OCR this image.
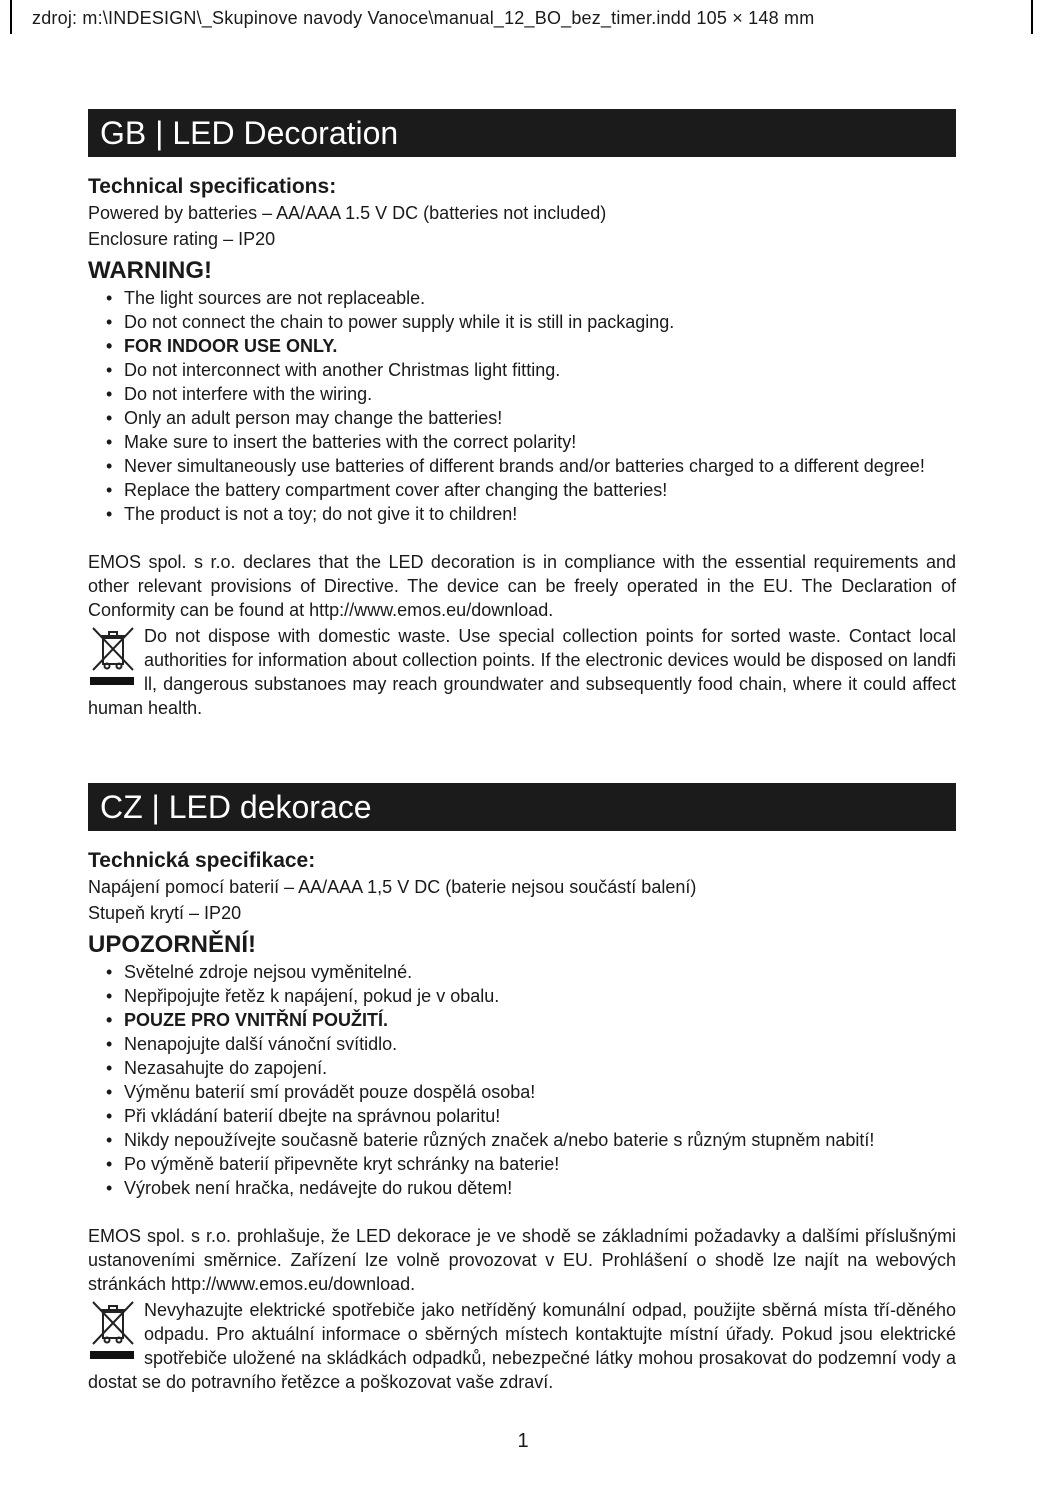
zdroj: m:\INDESIGN\_Skupinove navody Vanoce\manual_12_BO_bez_timer.indd 105 × 148 mm
GB | LED Decoration
Technical specifications:
Powered by batteries – AA/AAA 1.5 V DC (batteries not included)
Enclosure rating – IP20
WARNING!
• The light sources are not replaceable.
• Do not connect the chain to power supply while it is still in packaging.
• FOR INDOOR USE ONLY.
• Do not interconnect with another Christmas light fitting.
• Do not interfere with the wiring.
• Only an adult person may change the batteries!
• Make sure to insert the batteries with the correct polarity!
• Never simultaneously use batteries of different brands and/or batteries charged to a different degree!
• Replace the battery compartment cover after changing the batteries!
• The product is not a toy; do not give it to children!
EMOS spol. s r.o. declares that the LED decoration is in compliance with the essential requirements and other relevant provisions of Directive. The device can be freely operated in the EU. The Declaration of Conformity can be found at http://www.emos.eu/download.
Do not dispose with domestic waste. Use special collection points for sorted waste. Contact local authorities for information about collection points. If the electronic devices would be disposed on landfi ll, dangerous substanoes may reach groundwater and subsequently food chain, where it could affect human health.
CZ | LED dekorace
Technická specifikace:
Napájení pomocí baterií – AA/AAA 1,5 V DC (baterie nejsou součástí balení)
Stupeň krytí – IP20
UPOZORNĚNÍ!
• Světelné zdroje nejsou vyměnitelné.
• Nepřipojujte řetěz k napájení, pokud je v obalu.
• POUZE PRO VNITŘNÍ POUŽITÍ.
• Nenapojujte další vánoční svítidlo.
• Nezasahujte do zapojení.
• Výměnu baterií smí provádět pouze dospělá osoba!
• Při vkládání baterií dbejte na správnou polaritu!
• Nikdy nepoužívejte současně baterie různých značek a/nebo baterie s různým stupněm nabití!
• Po výměně baterií připevněte kryt schránky na baterie!
• Výrobek není hračka, nedávejte do rukou dětem!
EMOS spol. s r.o. prohlašuje, že LED dekorace je ve shodě se základními požadavky a dalšími příslušnými ustanoveními směrnice. Zařízení lze volně provozovat v EU. Prohlášení o shodě lze najít na webových stránkách http://www.emos.eu/download.
Nevyhazujte elektrické spotřebiče jako netříděný komunální odpad, použijte sběrná místa tří-děného odpadu. Pro aktuální informace o sběrných místech kontaktujte místní úřady. Pokud jsou elektrické spotřebiče uložené na skládkách odpadků, nebezpečné látky mohou prosakovat do podzemní vody a dostat se do potravního řetězce a poškozovat vaše zdraví.
1
